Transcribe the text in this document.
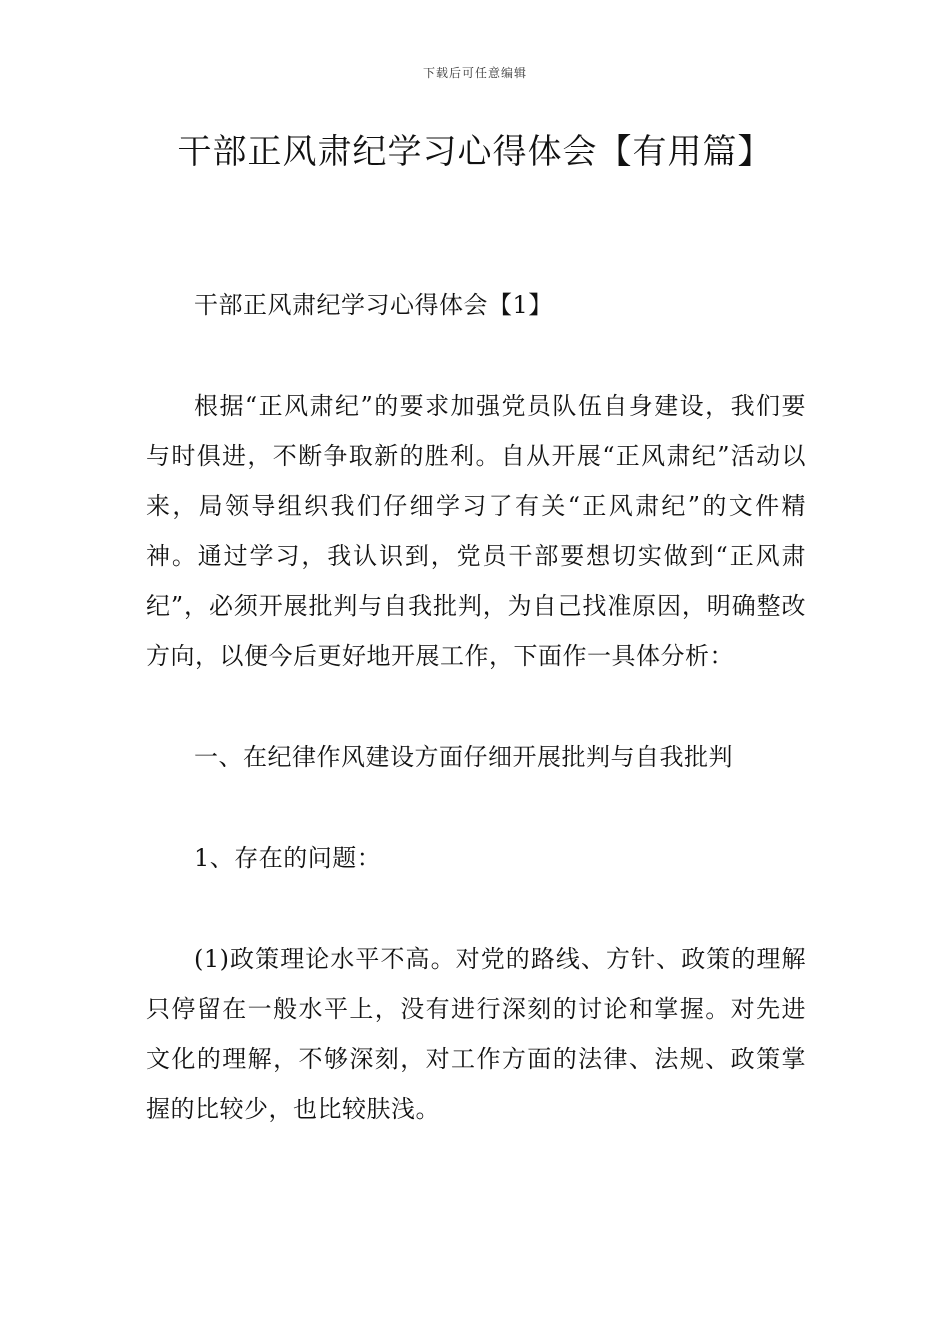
下载后可任意编辑
干部正风肃纪学习心得体会【有用篇】

干部正风肃纪学习心得体会【1】

根据“正风肃纪”的要求加强党员队伍自身建设，我们要与时俱进，不断争取新的胜利。自从开展“正风肃纪”活动以来，局领导组织我们仔细学习了有关“正风肃纪”的文件精神。通过学习，我认识到，党员干部要想切实做到“正风肃纪”，必须开展批判与自我批判，为自己找准原因，明确整改方向，以便今后更好地开展工作，下面作一具体分析：

一、在纪律作风建设方面仔细开展批判与自我批判

1、存在的问题：

(1)政策理论水平不高。对党的路线、方针、政策的理解只停留在一般水平上，没有进行深刻的讨论和掌握。对先进文化的理解，不够深刻，对工作方面的法律、法规、政策掌握的比较少，也比较肤浅。
